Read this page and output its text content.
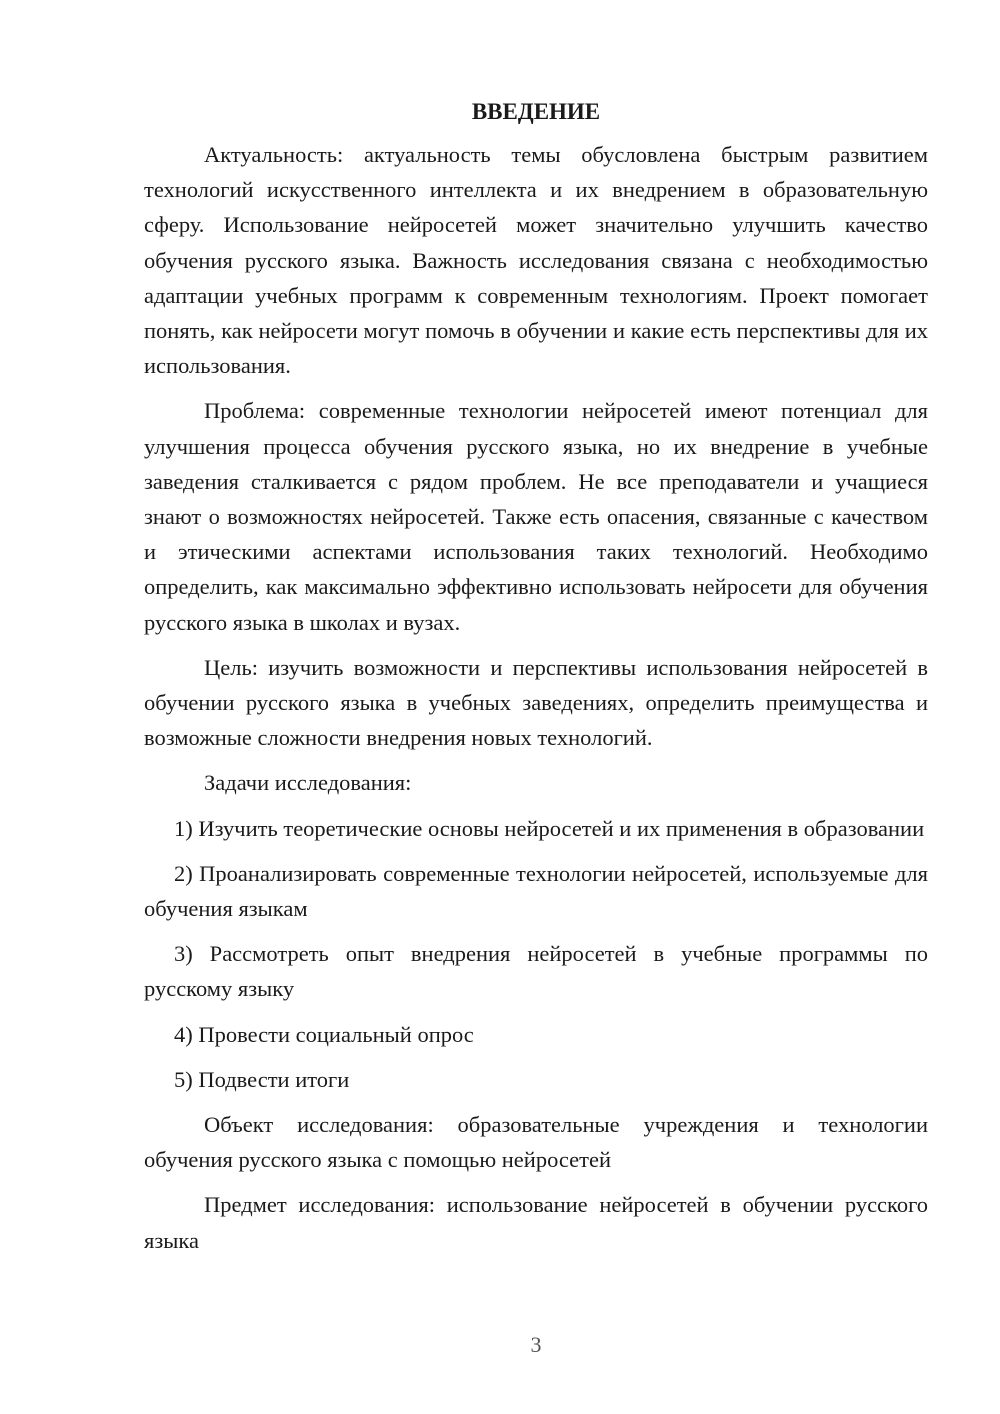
ВВЕДЕНИЕ

Актуальность: актуальность темы обусловлена быстрым развитием технологий искусственного интеллекта и их внедрением в образовательную сферу. Использование нейросетей может значительно улучшить качество обучения русского языка. Важность исследования связана с необходимостью адаптации учебных программ к современным технологиям. Проект помогает понять, как нейросети могут помочь в обучении и какие есть перспективы для их использования.

Проблема: современные технологии нейросетей имеют потенциал для улучшения процесса обучения русского языка, но их внедрение в учебные заведения сталкивается с рядом проблем. Не все преподаватели и учащиеся знают о возможностях нейросетей. Также есть опасения, связанные с качеством и этическими аспектами использования таких технологий. Необходимо определить, как максимально эффективно использовать нейросети для обучения русского языка в школах и вузах.

Цель: изучить возможности и перспективы использования нейросетей в обучении русского языка в учебных заведениях, определить преимущества и возможные сложности внедрения новых технологий.

Задачи исследования:

1) Изучить теоретические основы нейросетей и их применения в образовании

2) Проанализировать современные технологии нейросетей, используемые для обучения языкам

3) Рассмотреть опыт внедрения нейросетей в учебные программы по русскому языку

4) Провести социальный опрос

5) Подвести итоги

Объект исследования: образовательные учреждения и технологии обучения русского языка с помощью нейросетей

Предмет исследования: использование нейросетей в обучении русского языка

3
